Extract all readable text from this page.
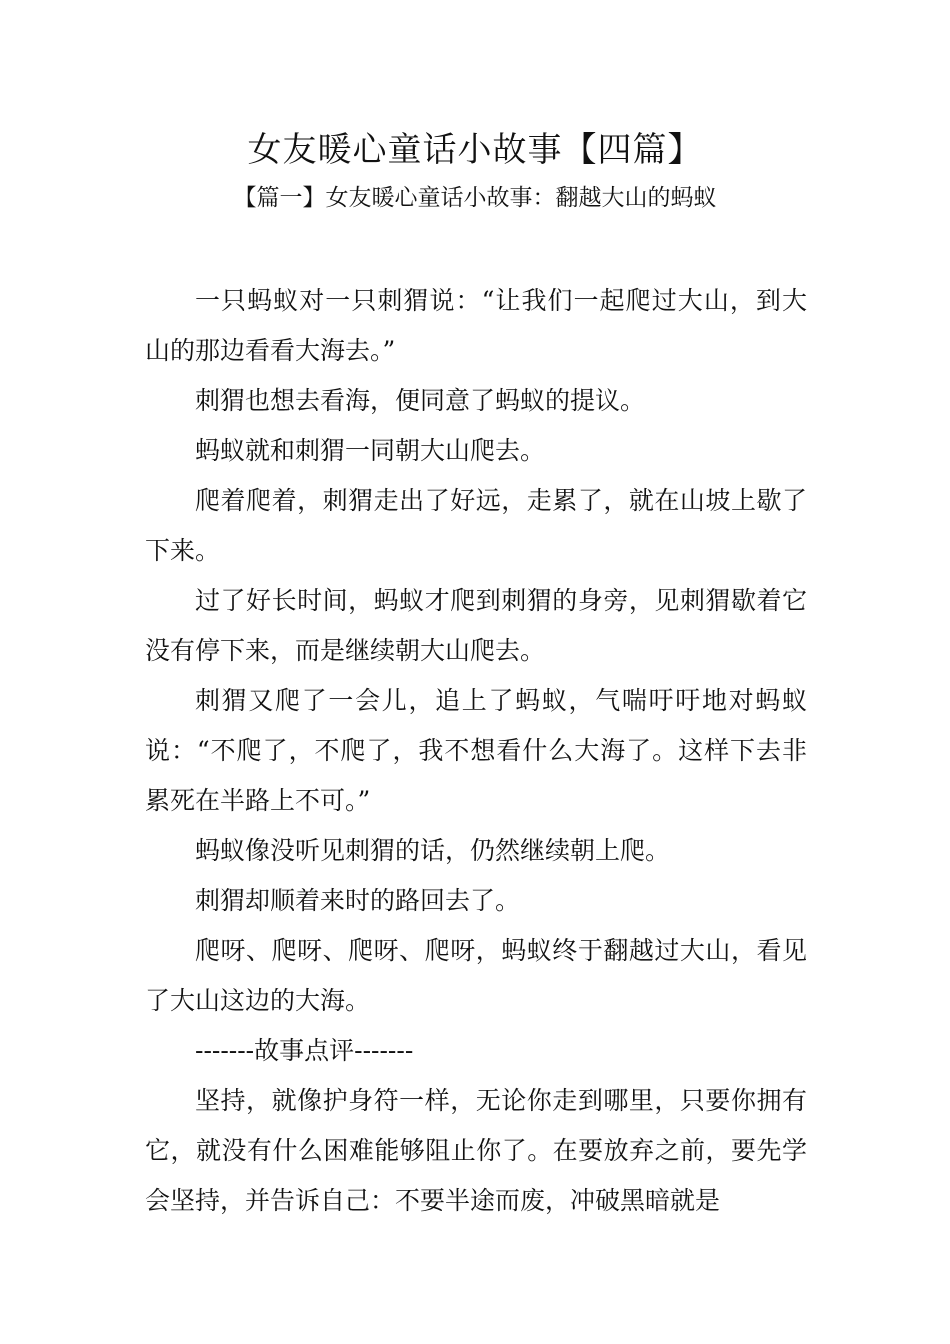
女友暖心童话小故事【四篇】
【篇一】女友暖心童话小故事：翻越大山的蚂蚁

一只蚂蚁对一只刺猬说：“让我们一起爬过大山，到大山的那边看看大海去。”

刺猬也想去看海，便同意了蚂蚁的提议。

蚂蚁就和刺猬一同朝大山爬去。

爬着爬着，刺猬走出了好远，走累了，就在山坡上歇了下来。

过了好长时间，蚂蚁才爬到刺猬的身旁，见刺猬歇着它没有停下来，而是继续朝大山爬去。

刺猬又爬了一会儿，追上了蚂蚁，气喘吁吁地对蚂蚁说：“不爬了，不爬了，我不想看什么大海了。这样下去非累死在半路上不可。”

蚂蚁像没听见刺猬的话，仍然继续朝上爬。

刺猬却顺着来时的路回去了。

爬呀、爬呀、爬呀、爬呀，蚂蚁终于翻越过大山，看见了大山这边的大海。

-------故事点评-------

坚持，就像护身符一样，无论你走到哪里，只要你拥有它，就没有什么困难能够阻止你了。在要放弃之前，要先学会坚持，并告诉自己：不要半途而废，冲破黑暗就是
